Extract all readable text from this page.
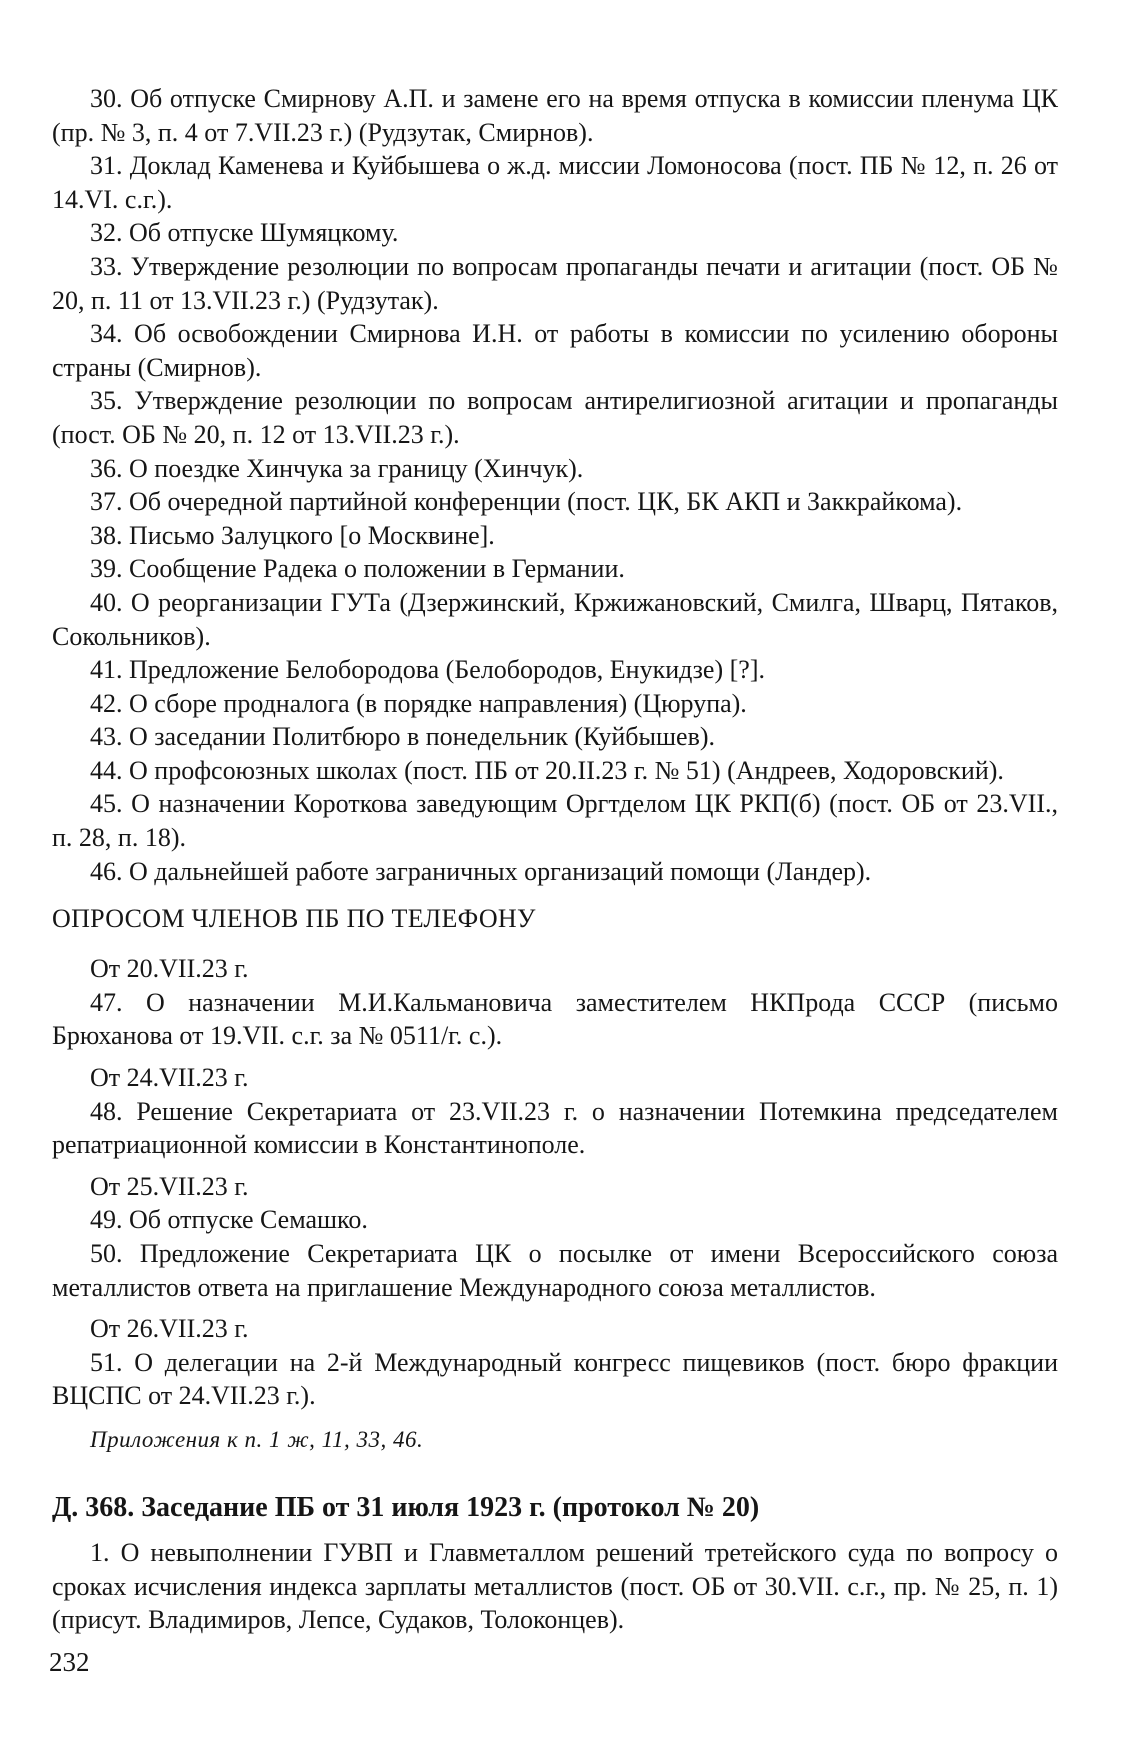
30. Об отпуске Смирнову А.П. и замене его на время отпуска в комиссии пленума ЦК (пр. № 3, п. 4 от 7.VII.23 г.) (Рудзутак, Смирнов).

31. Доклад Каменева и Куйбышева о ж.д. миссии Ломоносова (пост. ПБ № 12, п. 26 от 14.VI. с.г.).

32. Об отпуске Шумяцкому.

33. Утверждение резолюции по вопросам пропаганды печати и агитации (пост. ОБ № 20, п. 11 от 13.VII.23 г.) (Рудзутак).

34. Об освобождении Смирнова И.Н. от работы в комиссии по усилению обороны страны (Смирнов).

35. Утверждение резолюции по вопросам антирелигиозной агитации и пропаганды (пост. ОБ № 20, п. 12 от 13.VII.23 г.).

36. О поездке Хинчука за границу (Хинчук).

37. Об очередной партийной конференции (пост. ЦК, БК АКП и Заккрайкома).

38. Письмо Залуцкого [о Москвине].

39. Сообщение Радека о положении в Германии.

40. О реорганизации ГУТа (Дзержинский, Кржижановский, Смилга, Шварц, Пятаков, Сокольников).

41. Предложение Белобородова (Белобородов, Енукидзе) [?].

42. О сборе продналога (в порядке направления) (Цюрупа).

43. О заседании Политбюро в понедельник (Куйбышев).

44. О профсоюзных школах (пост. ПБ от 20.II.23 г. № 51) (Андреев, Ходоровский).

45. О назначении Короткова заведующим Оргтделом ЦК РКП(б) (пост. ОБ от 23.VII., п. 28, п. 18).

46. О дальнейшей работе заграничных организаций помощи (Ландер).

ОПРОСОМ ЧЛЕНОВ ПБ ПО ТЕЛЕФОНУ

От 20.VII.23 г.

47. О назначении М.И.Кальмановича заместителем НКПрода СССР (письмо Брюханова от 19.VII. с.г. за № 0511/г. с.).

От 24.VII.23 г.

48. Решение Секретариата от 23.VII.23 г. о назначении Потемкина председателем репатриационной комиссии в Константинополе.

От 25.VII.23 г.

49. Об отпуске Семашко.

50. Предложение Секретариата ЦК о посылке от имени Всероссийского союза металлистов ответа на приглашение Международного союза металлистов.

От 26.VII.23 г.

51. О делегации на 2-й Международный конгресс пищевиков (пост. бюро фракции ВЦСПС от 24.VII.23 г.).

Приложения к п. 1 ж, 11, 33, 46.

Д. 368. Заседание ПБ от 31 июля 1923 г. (протокол № 20)

1. О невыполнении ГУВП и Главметаллом решений третейского суда по вопросу о сроках исчисления индекса зарплаты металлистов (пост. ОБ от 30.VII. с.г., пр. № 25, п. 1) (присут. Владимиров, Лепсе, Судаков, Толоконцев).

232
